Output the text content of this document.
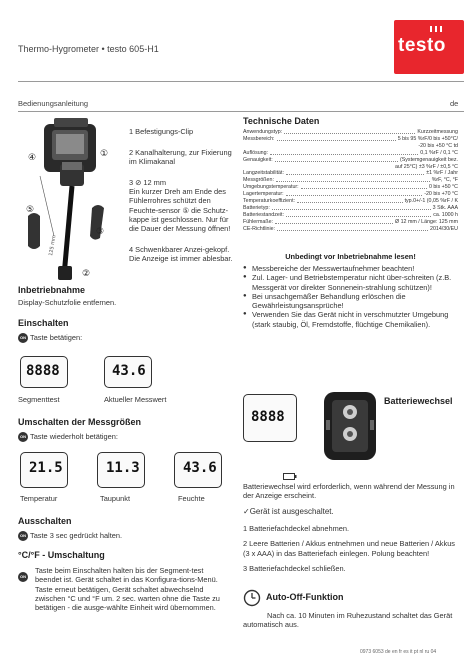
Thermo-Hygrometer • testo 605-H1	testo
Bedienungsanleitung	de
④
⑤
③
②
①
125 mm

1 Befestigungs-Clip

2 Kanalhalterung, zur Fixierung im Klimakanal

3 ⊘ 12 mm
Ein kurzer Dreh am Ende des Fühlerrohres schützt den Feuchte-sensor ⑤ die Schutz-kappe ist geschlossen. Nur für die Dauer der Messung öffnen!

4 Schwenkbarer Anzei-gekopf. Die Anzeige ist immer ablesbar.

Inbetriebnahme
Display-Schutzfolie entfernen.
Einschalten
ON Taste betätigen:
8888	43.6
Segmenttest	Aktueller Messwert
Umschalten der Messgrößen
ON Taste wiederholt betätigen:
21.5	11.3	43.6
Temperatur	Taupunkt	Feuchte
Ausschalten
ON Taste 3 sec gedrückt halten.
°C/°F - Umschaltung
ON
Taste beim Einschalten halten bis der Segment-test beendet ist. Gerät schaltet in das Konfigura-tions-Menü. Taste erneut betätigen, Gerät schaltet abwechselnd zwischen °C und °F um. 2 sec. warten ohne die Taste zu betätigen - die ausge-wählte Einheit wird übernommen.
Technische Daten
Anwendungstyp:	Kurzzeitmessung
Messbereich:	5 bis 95 %rF/0 bis +50°C/
-20 bis +50 °C td
Auflösung:	0,1 %rF / 0,1 °C
Genauigkeit:	(Systemgenauigkeit bez.
auf 25°C) ±3 %rF / ±0,5 °C
Langzeitstabilität:	±1 %rF / Jahr
Messgrößen:	%rF, °C, °F
Umgebungstemperatur:	0 bis +50 °C
Lagertemperatur:	-20 bis +70 °C
Temperaturkoeffizient:	typ.0+/-1 (0,05 %rF / K
Batterietyp:	3 Stk. AAA
Batteriestandzeit:	ca. 1000 h
Fühlermaße:	Ø 12 mm / Länge: 125 mm
CE-Richtlinie:	2014/30/EU
Unbedingt vor Inbetriebnahme lesen!
● Messbereiche der Messwertaufnehmer beachten!
● Zul. Lager- und Betriebstemperatur nicht über-schreiten (z.B. Messgerät vor direkter Sonnenein-strahlung schützen)!
● Bei unsachgemäßer Behandlung erlöschen die Gewährleistungsansprüche!
● Verwenden Sie das Gerät nicht in verschmutzter Umgebung (stark staubig, Öl, Fremdstoffe, flüchtige Chemikalien).
8888
Batteriewechsel
Batteriewechsel wird erforderlich, wenn während der Messung in der Anzeige erscheint.
✓Gerät ist ausgeschaltet.
1 Batteriefachdeckel abnehmen.
2 Leere Batterien / Akkus entnehmen und neue Batterien / Akkus (3 x AAA) in das Batteriefach einlegen. Polung beachten!
3 Batteriefachdeckel schließen.
Auto-Off-Funktion
Nach ca. 10 Minuten im Ruhezustand schaltet das Gerät automatisch aus.
0973 6053 de en fr es it pt nl ru 04
